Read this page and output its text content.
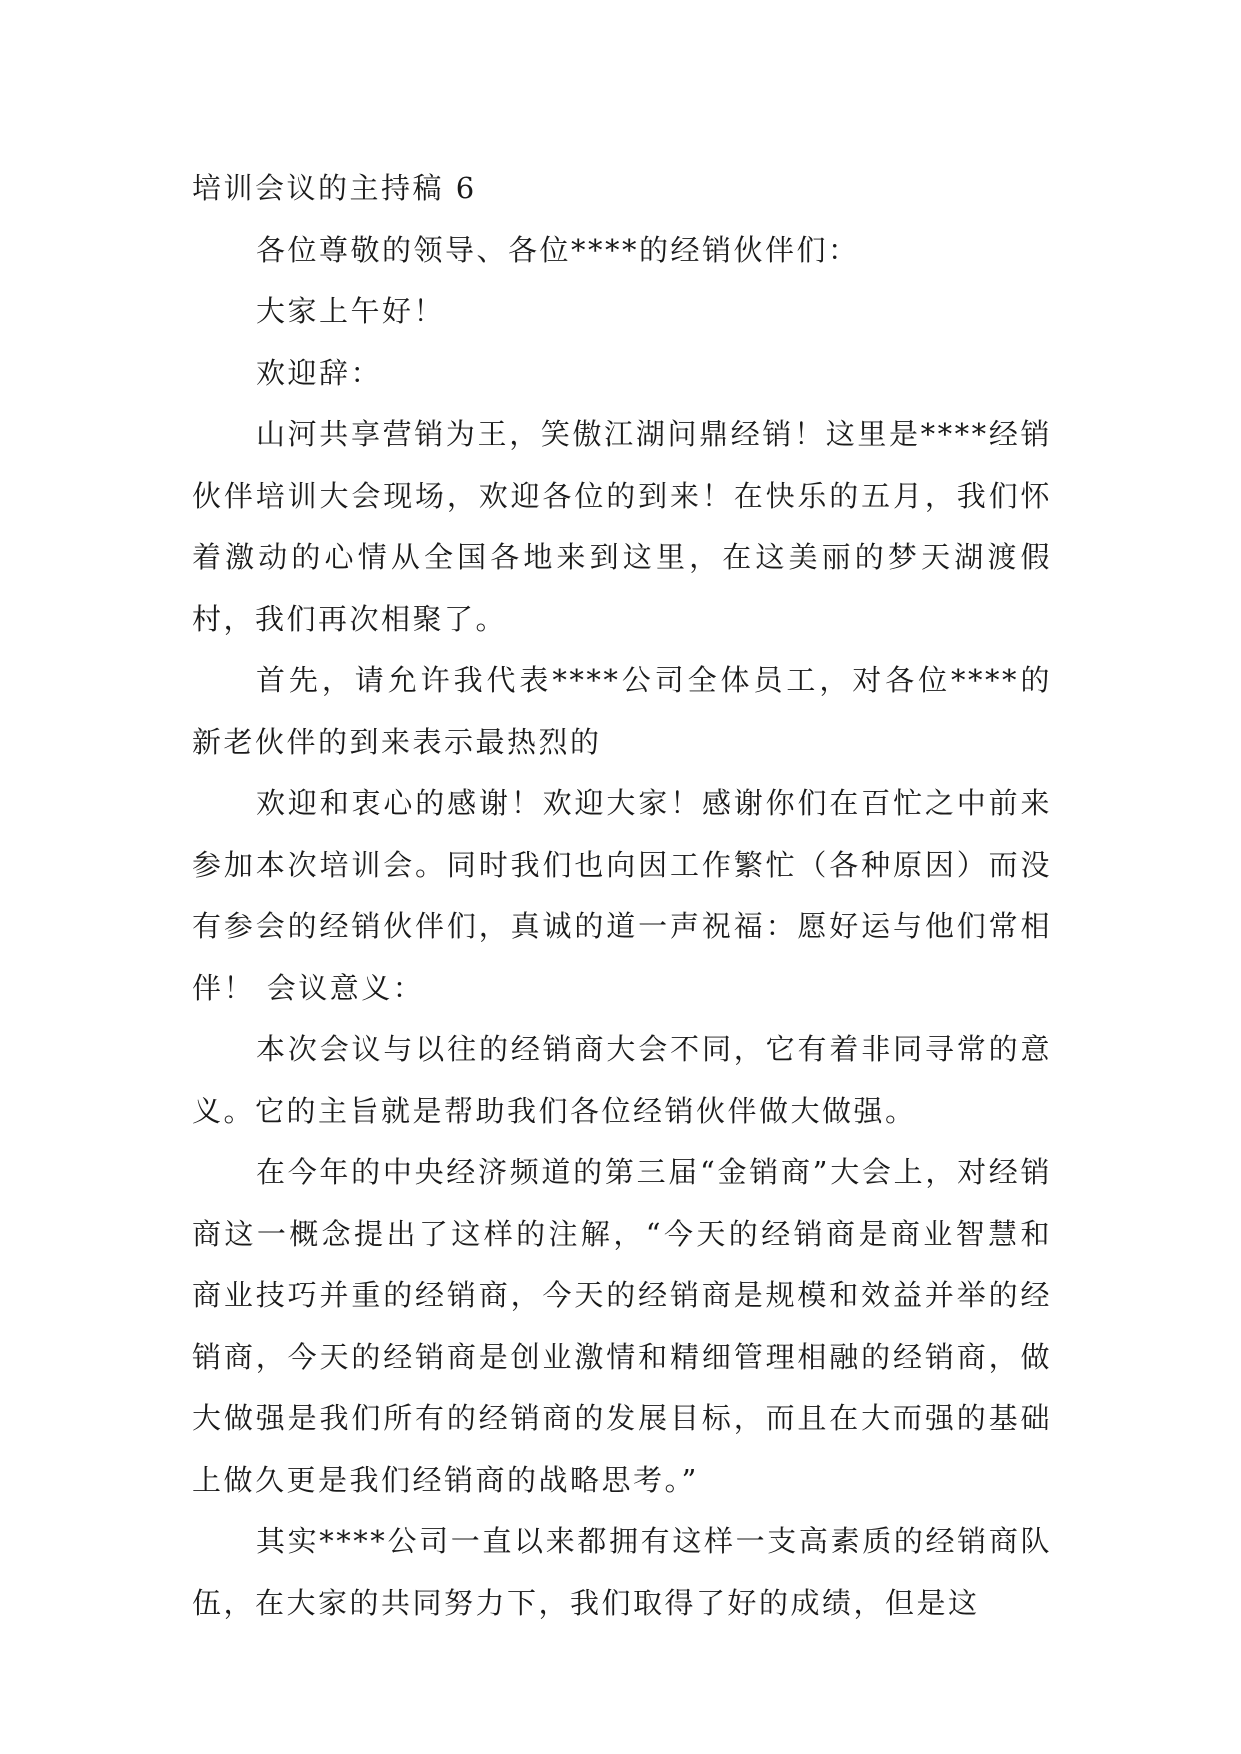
培训会议的主持稿 6

各位尊敬的领导、各位****的经销伙伴们：

大家上午好！

欢迎辞：

山河共享营销为王，笑傲江湖问鼎经销！这里是****经销伙伴培训大会现场，欢迎各位的到来！在快乐的五月，我们怀着激动的心情从全国各地来到这里，在这美丽的梦天湖渡假村，我们再次相聚了。

首先，请允许我代表****公司全体员工，对各位****的新老伙伴的到来表示最热烈的

欢迎和衷心的感谢！欢迎大家！感谢你们在百忙之中前来参加本次培训会。同时我们也向因工作繁忙（各种原因）而没有参会的经销伙伴们，真诚的道一声祝福：愿好运与他们常相伴！ 会议意义：

本次会议与以往的经销商大会不同，它有着非同寻常的意义。它的主旨就是帮助我们各位经销伙伴做大做强。

在今年的中央经济频道的第三届“金销商”大会上，对经销商这一概念提出了这样的注解，“今天的经销商是商业智慧和商业技巧并重的经销商，今天的经销商是规模和效益并举的经销商，今天的经销商是创业激情和精细管理相融的经销商，做大做强是我们所有的经销商的发展目标，而且在大而强的基础上做久更是我们经销商的战略思考。”

其实****公司一直以来都拥有这样一支高素质的经销商队伍，在大家的共同努力下，我们取得了好的成绩，但是这
